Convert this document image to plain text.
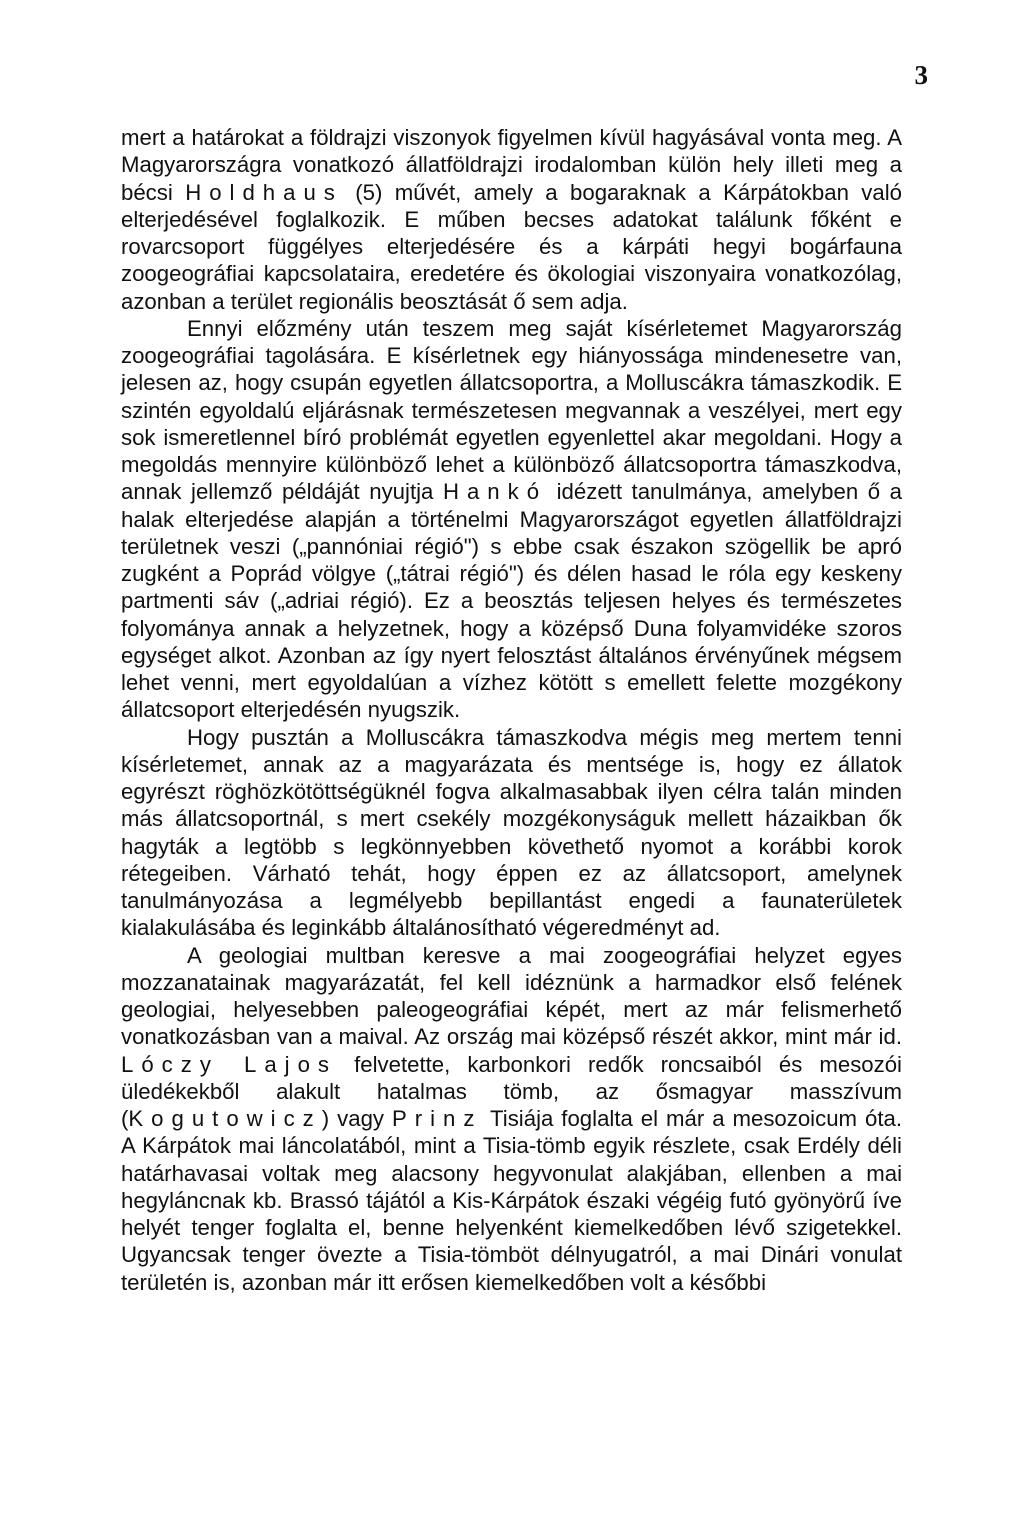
3

mert a határokat a földrajzi viszonyok figyelmen kívül hagyásával vonta meg. A Magyarországra vonatkozó állatföldrajzi irodalomban külön hely illeti meg a bécsi Holdhaus (5) művét, amely a bogaraknak a Kárpátokban való elterjedésével foglalkozik. E műben becses adatokat találunk főként e rovarcsoport függélyes elterjedésére és a kárpáti hegyi bogárfauna zoogeográfiai kapcsolataira, eredetére és ökologiai viszonyaira vonatkozólag, azonban a terület regionális beosztását ő sem adja.

Ennyi előzmény után teszem meg saját kísérletemet Magyarország zoogeográfiai tagolására. E kísérletnek egy hiányossága mindenesetre van, jelesen az, hogy csupán egyetlen állatcsoportra, a Molluscákra támaszkodik. E szintén egyoldalú eljárásnak természetesen megvannak a veszélyei, mert egy sok ismeretlennel bíró problémát egyetlen egyenlettel akar megoldani. Hogy a megoldás mennyire különböző lehet a különböző állatcsoportra támaszkodva, annak jellemző példáját nyujtja Hankó idézett tanulmánya, amelyben ő a halak elterjedése alapján a történelmi Magyarországot egyetlen állatföldrajzi területnek veszi („pannóniai régió") s ebbe csak északon szögellik be apró zugként a Poprád völgye („tátrai régió") és délen hasad le róla egy keskeny partmenti sáv („adriai régió). Ez a beosztás teljesen helyes és természetes folyománya annak a helyzetnek, hogy a középső Duna folyamvidéke szoros egységet alkot. Azonban az így nyert felosztást általános érvényűnek mégsem lehet venni, mert egyoldalúan a vízhez kötött s emellett felette mozgékony állatcsoport elterjedésén nyugszik.

Hogy pusztán a Molluscákra támaszkodva mégis meg mertem tenni kísérletemet, annak az a magyarázata és mentsége is, hogy ez állatok egyrészt röghözkötöttségüknél fogva alkalmasabbak ilyen célra talán minden más állatcsoportnál, s mert csekély mozgékonyságuk mellett házaikban ők hagyták a legtöbb s legkönnyebben követhető nyomot a korábbi korok rétegeiben. Várható tehát, hogy éppen ez az állatcsoport, amelynek tanulmányozása a legmélyebb bepillantást engedi a faunaterületek kialakulásába és leginkább általánosítható végeredményt ad.

A geologiai multban keresve a mai zoogeográfiai helyzet egyes mozzanatainak magyarázatát, fel kell idéznünk a harmadkor első felének geologiai, helyesebben paleogeográfiai képét, mert az már felismerhető vonatkozásban van a maival. Az ország mai középső részét akkor, mint már id. Lóczy Lajos felvetette, karbonkori redők roncsaiból és mesozói üledékekből alakult hatalmas tömb, az ősmagyar masszívum (Kogutowicz) vagy Prinz Tisiája foglalta el már a mesozoicum óta. A Kárpátok mai láncolatából, mint a Tisia-tömb egyik részlete, csak Erdély déli határhavasai voltak meg alacsony hegyvonulat alakjában, ellenben a mai hegyláncnak kb. Brassó tájától a Kis-Kárpátok északi végéig futó gyönyörű íve helyét tenger foglalta el, benne helyenként kiemelkedőben lévő szigetekkel. Ugyancsak tenger övezte a Tisia-tömböt délnyugatról, a mai Dinári vonulat területén is, azonban már itt erősen kiemelkedőben volt a későbbi
